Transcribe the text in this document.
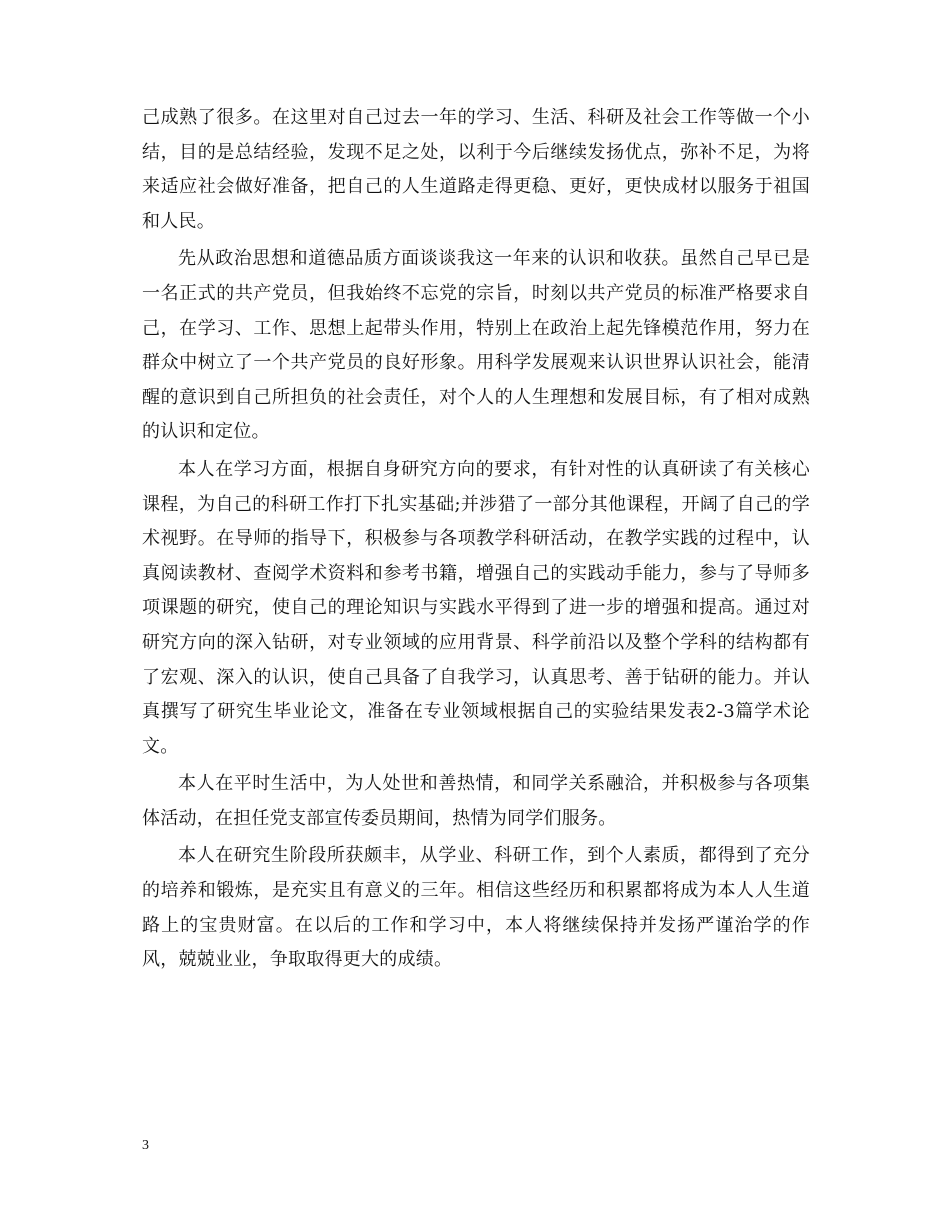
己成熟了很多。在这里对自己过去一年的学习、生活、科研及社会工作等做一个小结，目的是总结经验，发现不足之处，以利于今后继续发扬优点，弥补不足，为将来适应社会做好准备，把自己的人生道路走得更稳、更好，更快成材以服务于祖国和人民。

先从政治思想和道德品质方面谈谈我这一年来的认识和收获。虽然自己早已是一名正式的共产党员，但我始终不忘党的宗旨，时刻以共产党员的标准严格要求自己，在学习、工作、思想上起带头作用，特别上在政治上起先锋模范作用，努力在群众中树立了一个共产党员的良好形象。用科学发展观来认识世界认识社会，能清醒的意识到自己所担负的社会责任，对个人的人生理想和发展目标，有了相对成熟的认识和定位。

本人在学习方面，根据自身研究方向的要求，有针对性的认真研读了有关核心课程，为自己的科研工作打下扎实基础;并涉猎了一部分其他课程，开阔了自己的学术视野。在导师的指导下，积极参与各项教学科研活动，在教学实践的过程中，认真阅读教材、查阅学术资料和参考书籍，增强自己的实践动手能力，参与了导师多项课题的研究，使自己的理论知识与实践水平得到了进一步的增强和提高。通过对研究方向的深入钻研，对专业领域的应用背景、科学前沿以及整个学科的结构都有了宏观、深入的认识，使自己具备了自我学习，认真思考、善于钻研的能力。并认真撰写了研究生毕业论文，准备在专业领域根据自己的实验结果发表2-3篇学术论文。

本人在平时生活中，为人处世和善热情，和同学关系融洽，并积极参与各项集体活动，在担任党支部宣传委员期间，热情为同学们服务。

本人在研究生阶段所获颇丰，从学业、科研工作，到个人素质，都得到了充分的培养和锻炼，是充实且有意义的三年。相信这些经历和积累都将成为本人人生道路上的宝贵财富。在以后的工作和学习中，本人将继续保持并发扬严谨治学的作风，兢兢业业，争取取得更大的成绩。

3
